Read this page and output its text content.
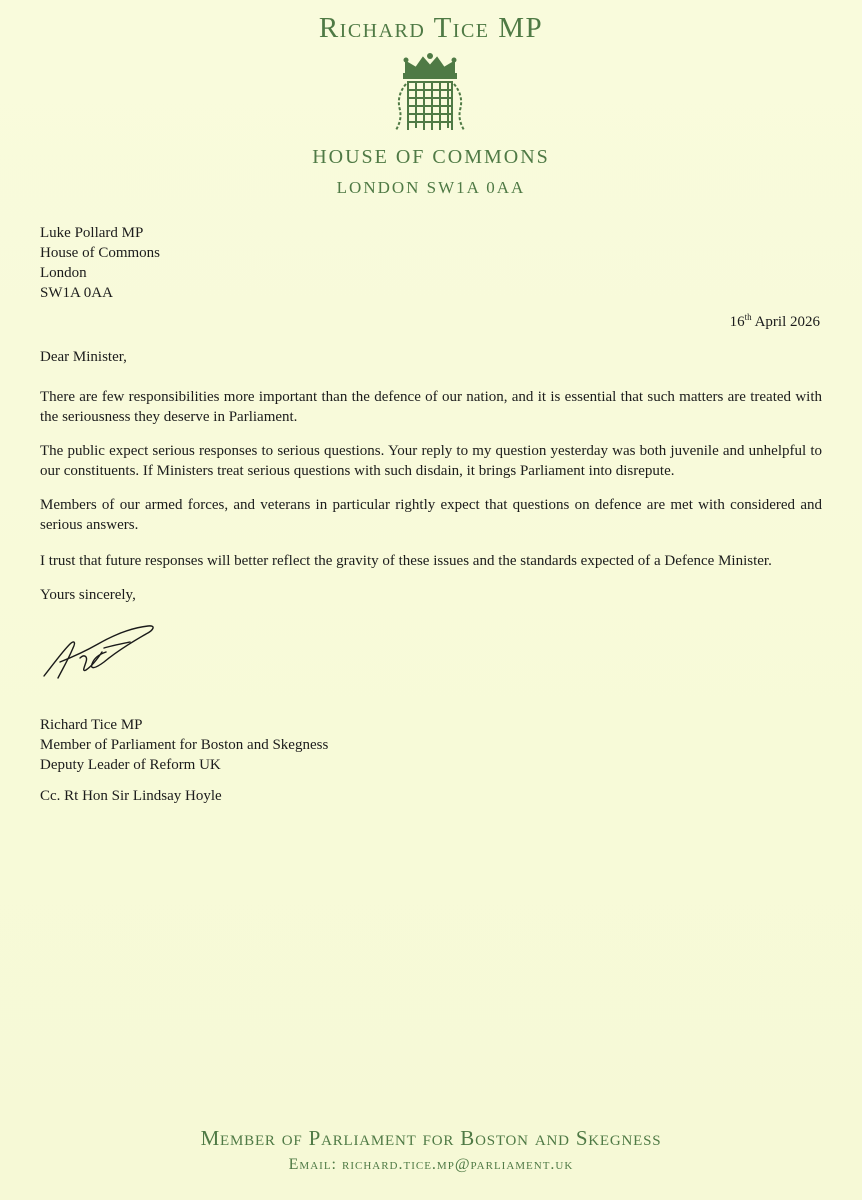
Richard Tice MP
HOUSE OF COMMONS
LONDON SW1A 0AA
Luke Pollard MP
House of Commons
London
SW1A 0AA
16th April 2026
Dear Minister,
There are few responsibilities more important than the defence of our nation, and it is essential that such matters are treated with the seriousness they deserve in Parliament.
The public expect serious responses to serious questions. Your reply to my question yesterday was both juvenile and unhelpful to our constituents. If Ministers treat serious questions with such disdain, it brings Parliament into disrepute.
Members of our armed forces, and veterans in particular rightly expect that questions on defence are met with considered and serious answers.
I trust that future responses will better reflect the gravity of these issues and the standards expected of a Defence Minister.
Yours sincerely,
Richard Tice MP
Member of Parliament for Boston and Skegness
Deputy Leader of Reform UK
Cc. Rt Hon Sir Lindsay Hoyle
Member of Parliament for Boston and Skegness
Email: richard.tice.mp@parliament.uk
